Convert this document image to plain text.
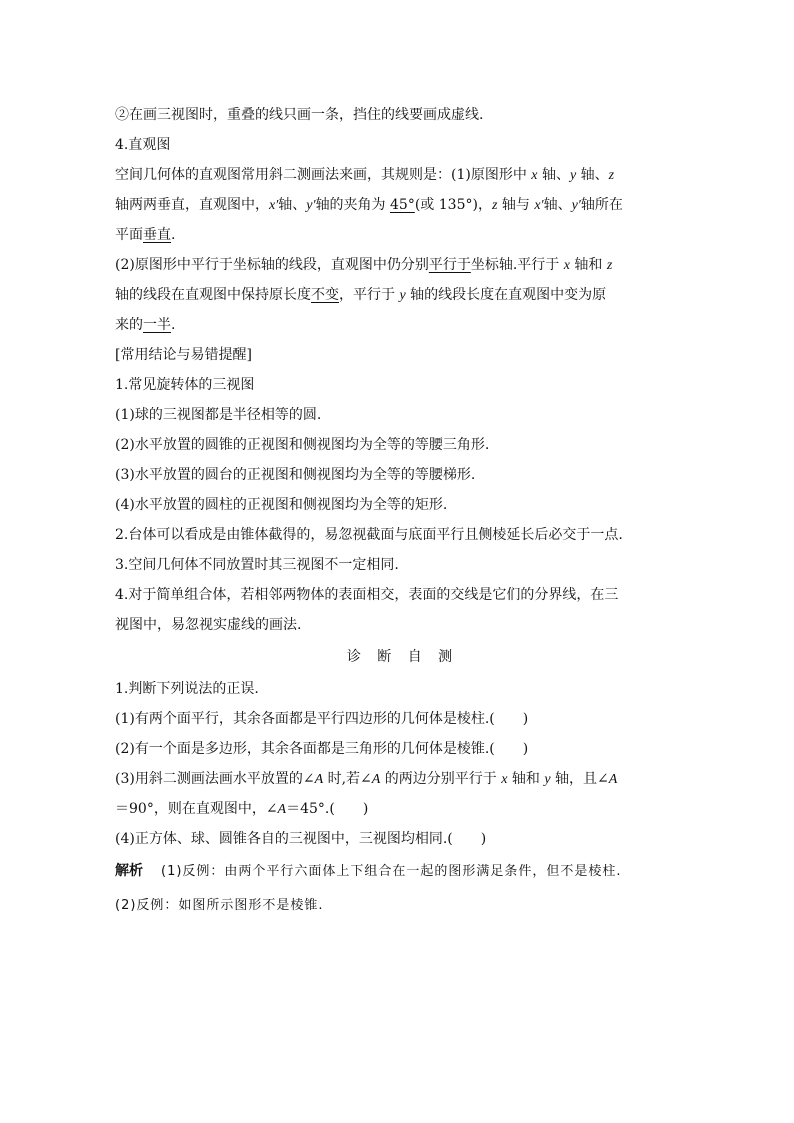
②在画三视图时，重叠的线只画一条，挡住的线要画成虚线.
4.直观图
空间几何体的直观图常用斜二测画法来画，其规则是：(1)原图形中 x 轴、y 轴、z
轴两两垂直，直观图中，x′轴、y′轴的夹角为 45°(或 135°)，z 轴与 x′轴、y′轴所在
平面垂直.
(2)原图形中平行于坐标轴的线段，直观图中仍分别平行于坐标轴.平行于 x 轴和 z
轴的线段在直观图中保持原长度不变，平行于 y 轴的线段长度在直观图中变为原
来的一半.
[常用结论与易错提醒]
1.常见旋转体的三视图
(1)球的三视图都是半径相等的圆.
(2)水平放置的圆锥的正视图和侧视图均为全等的等腰三角形.
(3)水平放置的圆台的正视图和侧视图均为全等的等腰梯形.
(4)水平放置的圆柱的正视图和侧视图均为全等的矩形.
2.台体可以看成是由锥体截得的，易忽视截面与底面平行且侧棱延长后必交于一点.
3.空间几何体不同放置时其三视图不一定相同.
4.对于简单组合体，若相邻两物体的表面相交，表面的交线是它们的分界线，在三
视图中，易忽视实虚线的画法.
诊 断 自 测
1.判断下列说法的正误.
(1)有两个面平行，其余各面都是平行四边形的几何体是棱柱.(　　)
(2)有一个面是多边形，其余各面都是三角形的几何体是棱锥.(　　)
(3)用斜二测画法画水平放置的∠A 时,若∠A 的两边分别平行于 x 轴和 y 轴，且∠A
＝90°，则在直观图中，∠A＝45°.(　　)
(4)正方体、球、圆锥各自的三视图中，三视图均相同.(　　)
解析 (1)反例：由两个平行六面体上下组合在一起的图形满足条件，但不是棱柱.
(2)反例：如图所示图形不是棱锥.
